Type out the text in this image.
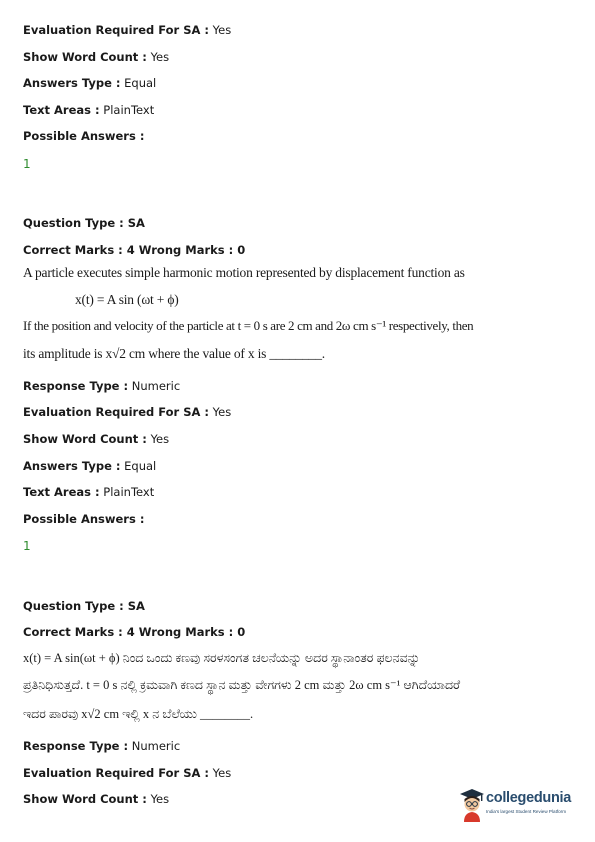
Evaluation Required For SA : Yes
Show Word Count : Yes
Answers Type : Equal
Text Areas : PlainText
Possible Answers :
1
Question Type : SA
Correct Marks : 4 Wrong Marks : 0
A particle executes simple harmonic motion represented by displacement function as
x(t) = A sin (ωt + ϕ)
If the position and velocity of the particle at t = 0 s are 2 cm and 2ω cm s⁻¹ respectively, then
its amplitude is x√2 cm where the value of x is ________.
Response Type : Numeric
Evaluation Required For SA : Yes
Show Word Count : Yes
Answers Type : Equal
Text Areas : PlainText
Possible Answers :
1
Question Type : SA
Correct Marks : 4 Wrong Marks : 0
x(t) = A sin(ωt + ϕ) ನಿಂದ ಒಂದು ಕಣವು ಸರಳಸಂಗತ ಚಲನೆಯನ್ನು ಅದರ ಸ್ಥಾನಾಂತರ ಫಲನವನ್ನು
ಪ್ರತಿನಿಧಿಸುತ್ತದೆ. t = 0 s ನಲ್ಲಿ ಕ್ರಮವಾಗಿ ಕಣದ ಸ್ಥಾನ ಮತ್ತು ವೇಗಗಳು 2 cm ಮತ್ತು 2ω cm s⁻¹ ಆಗಿದೆಯಾದರೆ
ಇದರ ಪಾರವು x√2 cm ಇಲ್ಲಿ x ನ ಬೆಲೆಯು ________.
Response Type : Numeric
Evaluation Required For SA : Yes
Show Word Count : Yes	collegedunia
India's largest Student Review Platform
